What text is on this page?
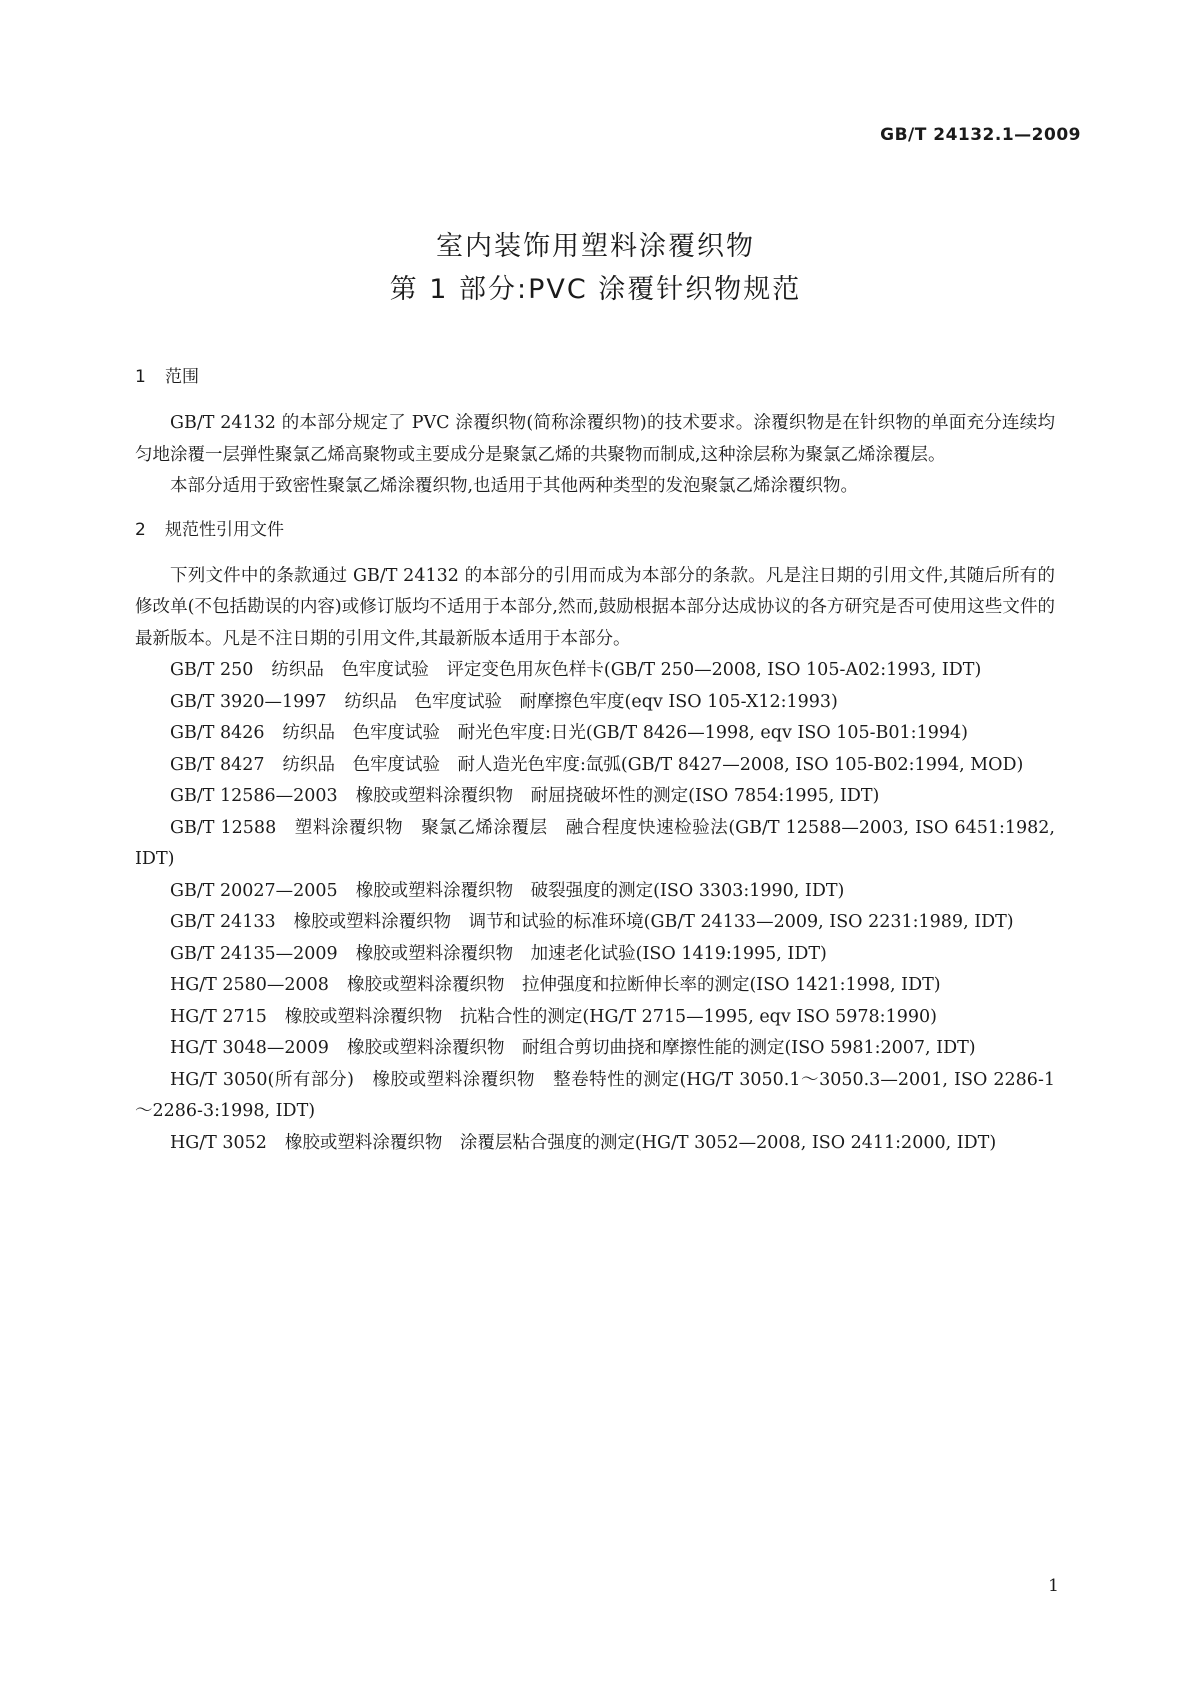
GB/T 24132.1—2009
室内装饰用塑料涂覆织物
第 1 部分:PVC 涂覆针织物规范
1 范围

GB/T 24132 的本部分规定了 PVC 涂覆织物(简称涂覆织物)的技术要求。涂覆织物是在针织物的单面充分连续均匀地涂覆一层弹性聚氯乙烯高聚物或主要成分是聚氯乙烯的共聚物而制成,这种涂层称为聚氯乙烯涂覆层。

本部分适用于致密性聚氯乙烯涂覆织物,也适用于其他两种类型的发泡聚氯乙烯涂覆织物。

2 规范性引用文件

下列文件中的条款通过 GB/T 24132 的本部分的引用而成为本部分的条款。凡是注日期的引用文件,其随后所有的修改单(不包括勘误的内容)或修订版均不适用于本部分,然而,鼓励根据本部分达成协议的各方研究是否可使用这些文件的最新版本。凡是不注日期的引用文件,其最新版本适用于本部分。

GB/T 250 纺织品　色牢度试验　评定变色用灰色样卡(GB/T 250—2008, ISO 105-A02:1993, IDT)

GB/T 3920—1997 纺织品　色牢度试验　耐摩擦色牢度(eqv ISO 105-X12:1993)

GB/T 8426 纺织品　色牢度试验　耐光色牢度:日光(GB/T 8426—1998, eqv ISO 105-B01:1994)

GB/T 8427 纺织品　色牢度试验　耐人造光色牢度:氙弧(GB/T 8427—2008, ISO 105-B02:1994, MOD)

GB/T 12586—2003 橡胶或塑料涂覆织物　耐屈挠破坏性的测定(ISO 7854:1995, IDT)

GB/T 12588 塑料涂覆织物　聚氯乙烯涂覆层　融合程度快速检验法(GB/T 12588—2003, ISO 6451:1982, IDT)

GB/T 20027—2005 橡胶或塑料涂覆织物　破裂强度的测定(ISO 3303:1990, IDT)

GB/T 24133 橡胶或塑料涂覆织物　调节和试验的标准环境(GB/T 24133—2009, ISO 2231:1989, IDT)

GB/T 24135—2009 橡胶或塑料涂覆织物　加速老化试验(ISO 1419:1995, IDT)

HG/T 2580—2008 橡胶或塑料涂覆织物　拉伸强度和拉断伸长率的测定(ISO 1421:1998, IDT)

HG/T 2715 橡胶或塑料涂覆织物　抗粘合性的测定(HG/T 2715—1995, eqv ISO 5978:1990)

HG/T 3048—2009 橡胶或塑料涂覆织物　耐组合剪切曲挠和摩擦性能的测定(ISO 5981:2007, IDT)

HG/T 3050(所有部分) 橡胶或塑料涂覆织物　整卷特性的测定(HG/T 3050.1～3050.3—2001, ISO 2286-1～2286-3:1998, IDT)

HG/T 3052 橡胶或塑料涂覆织物　涂覆层粘合强度的测定(HG/T 3052—2008, ISO 2411:2000, IDT)

1
